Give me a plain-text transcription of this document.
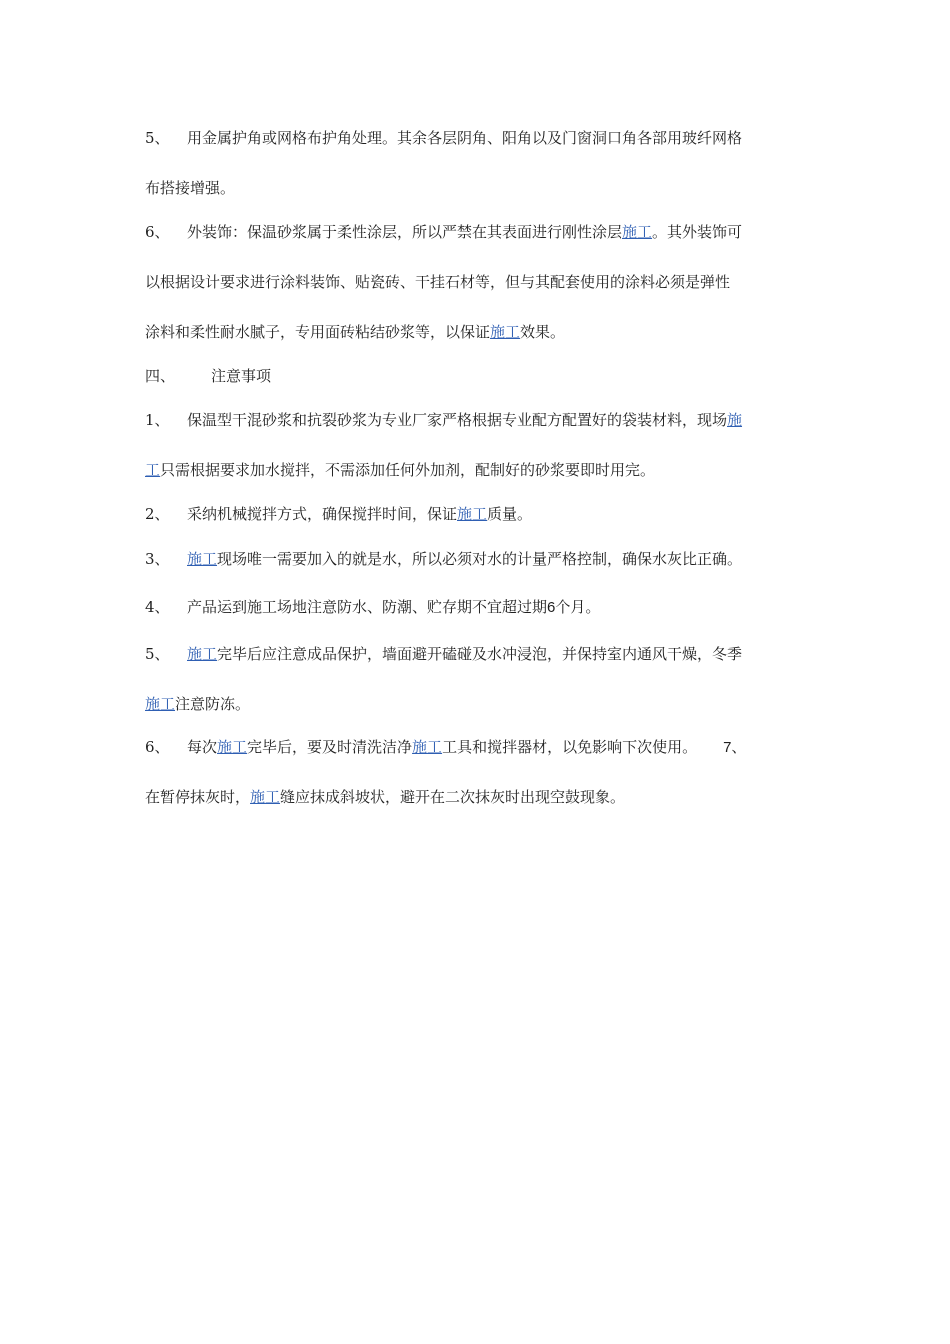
5、 用金属护角或网格布护角处理。其余各层阴角、阳角以及门窗洞口角各部用玻纤网格
布搭接增强。
6、 外装饰：保温砂浆属于柔性涂层，所以严禁在其表面进行刚性涂层施工。其外装饰可
以根据设计要求进行涂料装饰、贴瓷砖、干挂石材等，但与其配套使用的涂料必须是弹性
涂料和柔性耐水腻子，专用面砖粘结砂浆等，以保证施工效果。
四、 注意事项
1、 保温型干混砂浆和抗裂砂浆为专业厂家严格根据专业配方配置好的袋装材料，现场施
工只需根据要求加水搅拌，不需添加任何外加剂，配制好的砂浆要即时用完。
2、 采纳机械搅拌方式，确保搅拌时间，保证施工质量。
3、 施工现场唯一需要加入的就是水，所以必须对水的计量严格控制，确保水灰比正确。
4、 产品运到施工场地注意防水、防潮、贮存期不宜超过期6个月。
5、 施工完毕后应注意成品保护，墙面避开磕碰及水冲浸泡，并保持室内通风干燥，冬季
施工注意防冻。
6、 每次施工完毕后，要及时清洗洁净施工工具和搅拌器材，以免影响下次使用。 7、
在暂停抹灰时，施工缝应抹成斜坡状，避开在二次抹灰时出现空鼓现象。
